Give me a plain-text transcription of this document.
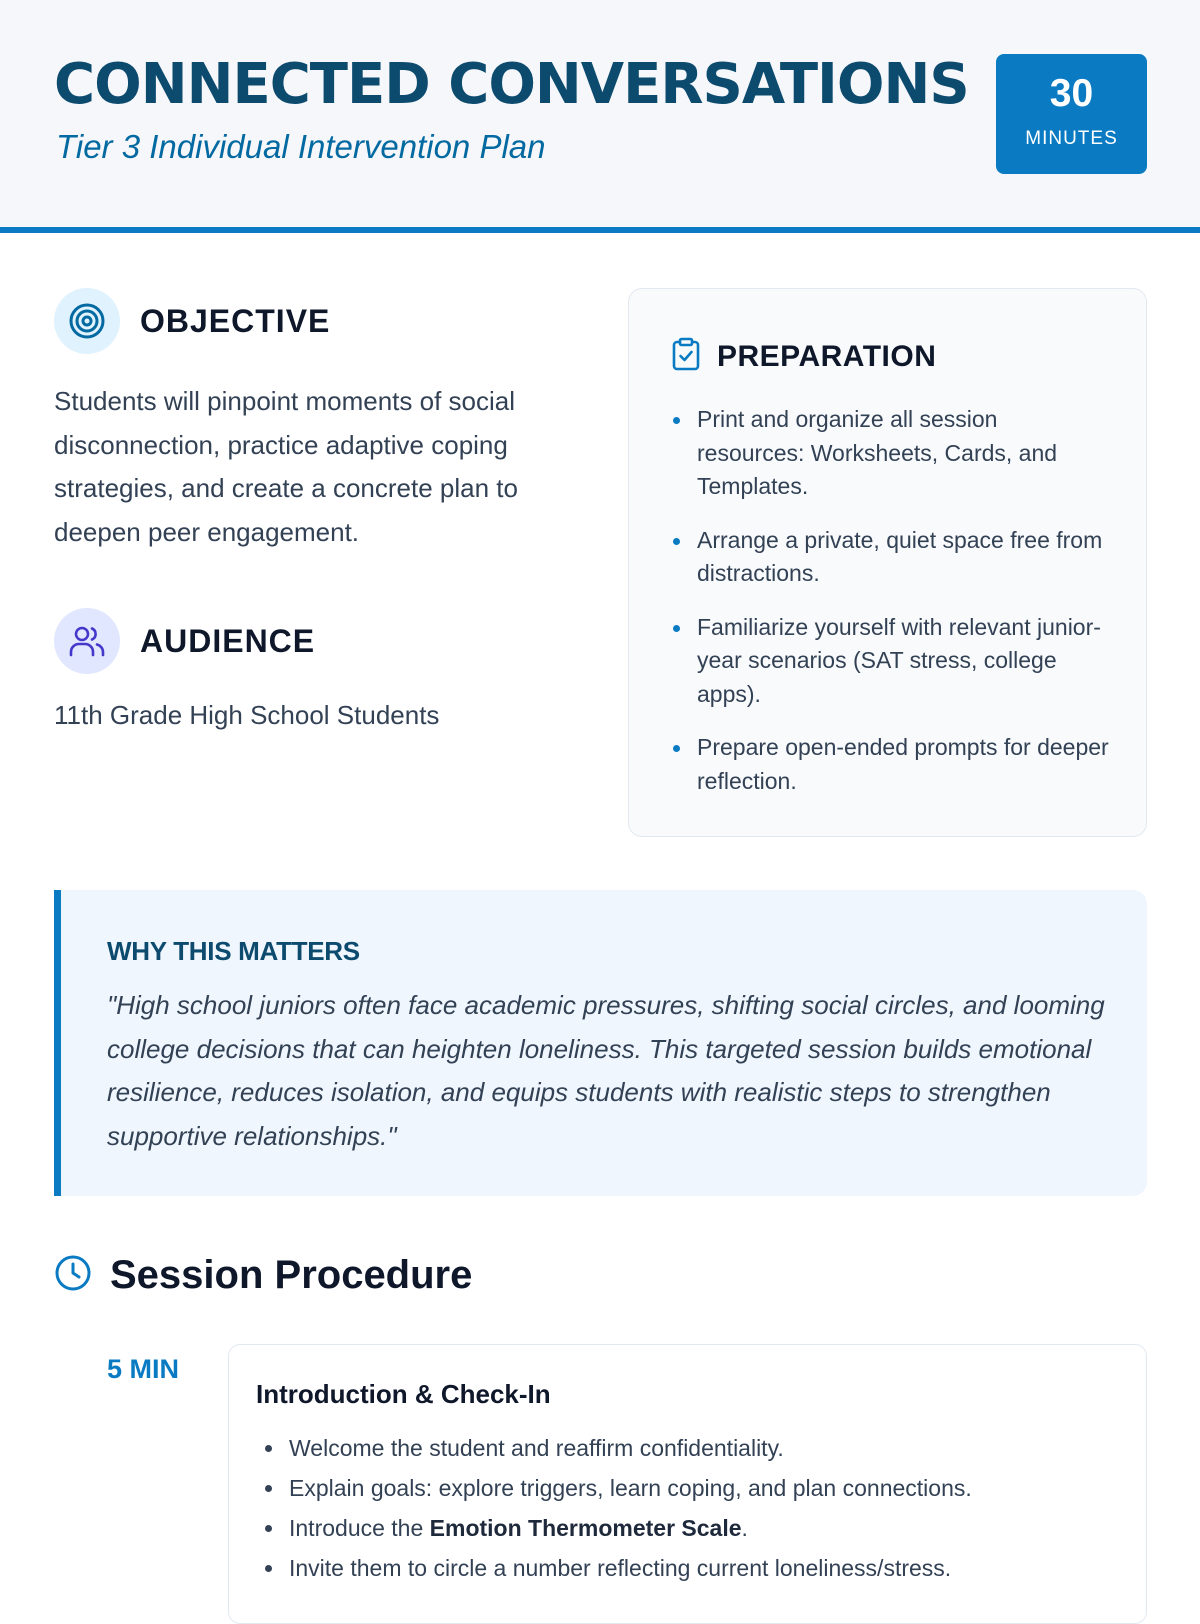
CONNECTED CONVERSATIONS
Tier 3 Individual Intervention Plan
30
MINUTES
OBJECTIVE
Students will pinpoint moments of social disconnection, practice adaptive coping strategies, and create a concrete plan to deepen peer engagement.
AUDIENCE
11th Grade High School Students
PREPARATION
Print and organize all session resources: Worksheets, Cards, and Templates.
Arrange a private, quiet space free from distractions.
Familiarize yourself with relevant junior-year scenarios (SAT stress, college apps).
Prepare open-ended prompts for deeper reflection.
WHY THIS MATTERS
"High school juniors often face academic pressures, shifting social circles, and looming college decisions that can heighten loneliness. This targeted session builds emotional resilience, reduces isolation, and equips students with realistic steps to strengthen supportive relationships."
Session Procedure
5 MIN
Introduction & Check-In
Welcome the student and reaffirm confidentiality.
Explain goals: explore triggers, learn coping, and plan connections.
Introduce the Emotion Thermometer Scale.
Invite them to circle a number reflecting current loneliness/stress.
